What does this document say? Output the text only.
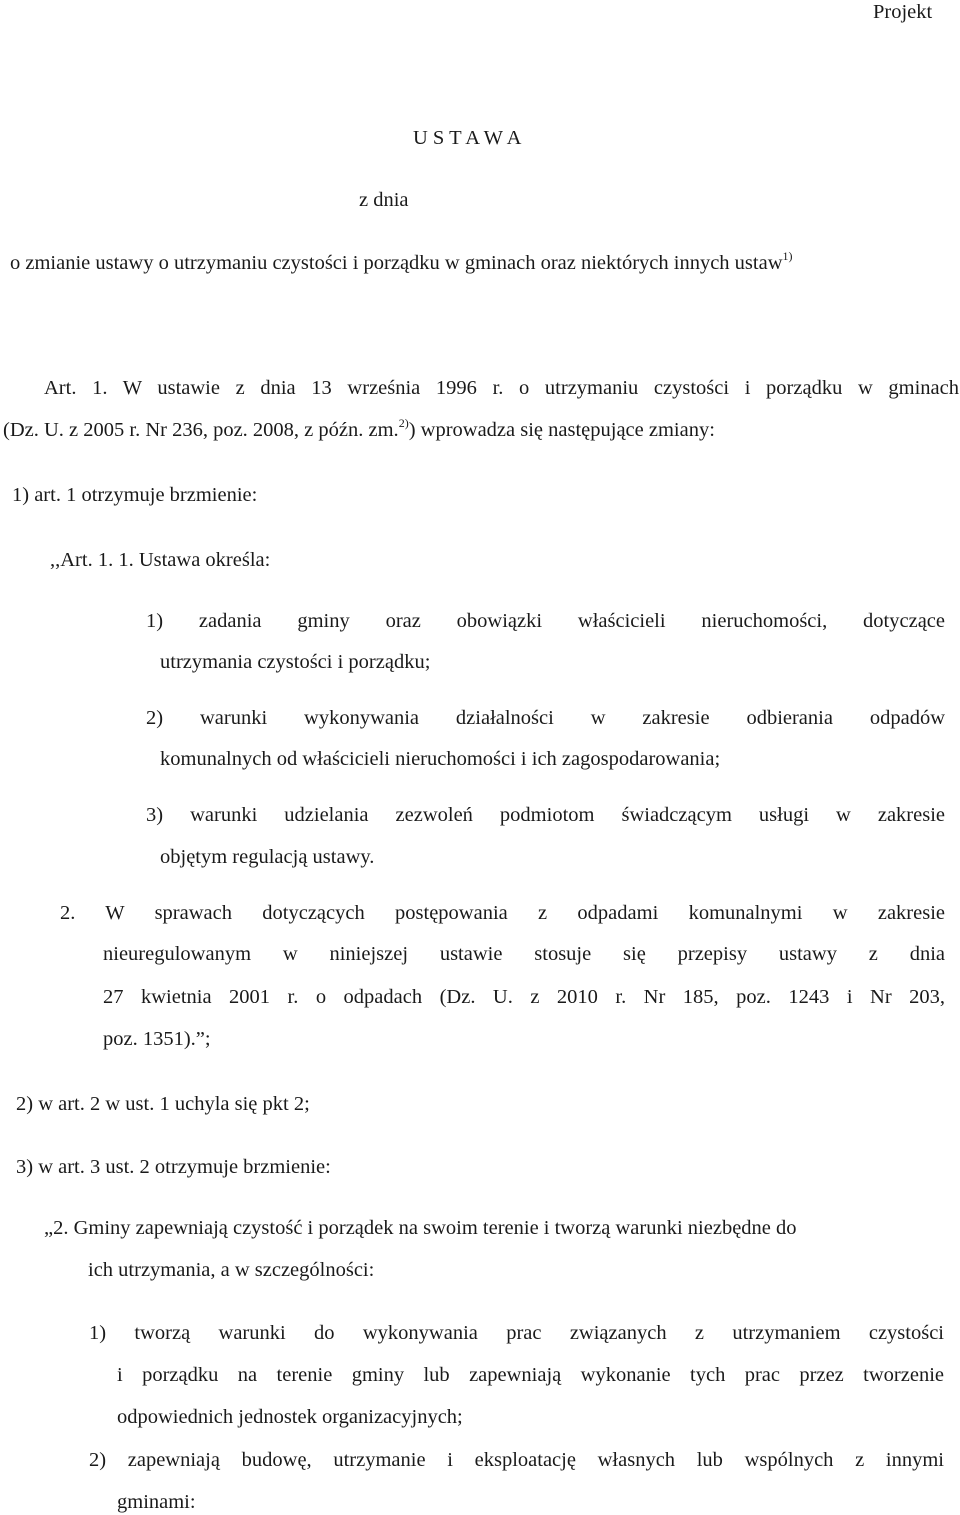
Projekt
U S T A W A
z dnia
o zmianie ustawy o utrzymaniu czystości i porządku w gminach oraz niektórych innych ustaw$^{1)}$
Art. 1. W ustawie z dnia 13 września 1996 r. o utrzymaniu czystości i porządku w gminach
(Dz. U. z 2005 r. Nr 236, poz. 2008, z późn. zm.$^{2)}$) wprowadza się następujące zmiany:
1) art. 1 otrzymuje brzmienie:
,,Art. 1. 1. Ustawa określa:
1) zadania gminy oraz obowiązki właścicieli nieruchomości, dotyczące
utrzymania czystości i porządku;
2) warunki wykonywania działalności w zakresie odbierania odpadów
komunalnych od właścicieli nieruchomości i ich zagospodarowania;
3) warunki udzielania zezwoleń podmiotom świadczącym usługi w zakresie
objętym regulacją ustawy.
2. W sprawach dotyczących postępowania z odpadami komunalnymi w zakresie
nieuregulowanym w niniejszej ustawie stosuje się przepisy ustawy z dnia
27 kwietnia 2001 r. o odpadach (Dz. U. z 2010 r. Nr 185, poz. 1243 i Nr 203,
poz. 1351).”;
2) w art. 2 w ust. 1 uchyla się pkt 2;
3) w art. 3 ust. 2 otrzymuje brzmienie:
„2. Gminy zapewniają czystość i porządek na swoim terenie i tworzą warunki niezbędne do
ich utrzymania, a w szczególności:
1) tworzą warunki do wykonywania prac związanych z utrzymaniem czystości
i porządku na terenie gminy lub zapewniają wykonanie tych prac przez tworzenie
odpowiednich jednostek organizacyjnych;
2) zapewniają budowę, utrzymanie i eksploatację własnych lub wspólnych z innymi
gminami:
